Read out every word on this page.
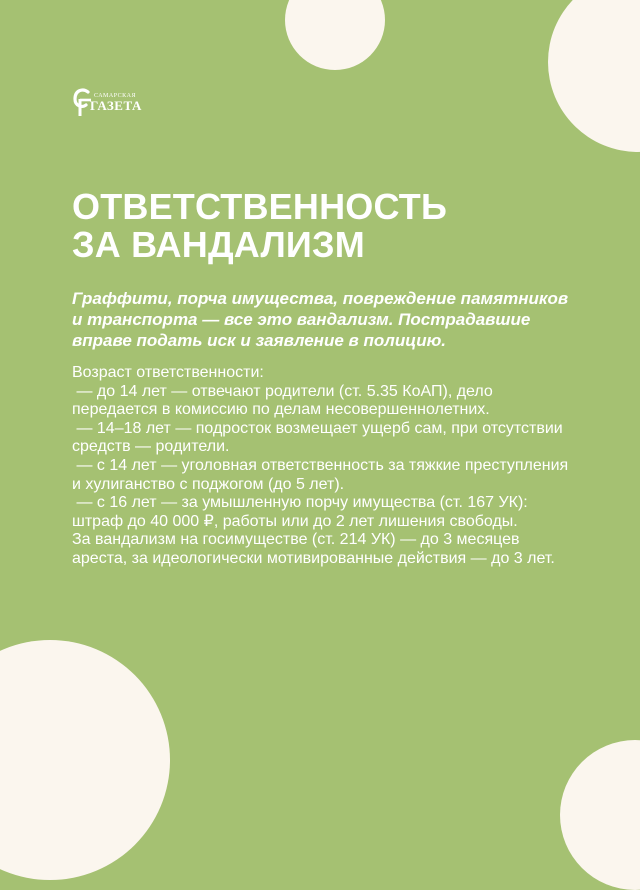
САМАРСКАЯ
ГАЗЕТА
ОТВЕТСТВЕННОСТЬ
ЗА ВАНДАЛИЗМ

Граффити, порча имущества, повреждение памятников и транспорта — все это вандализм. Пострадавшие вправе подать иск и заявление в полицию.

Возраст ответственности:
— до 14 лет — отвечают родители (ст. 5.35 КоАП), дело передается в комиссию по делам несовершеннолетних.
— 14–18 лет — подросток возмещает ущерб сам, при отсутствии средств — родители.
— с 14 лет — уголовная ответственность за тяжкие преступления и хулиганство с поджогом (до 5 лет).
— с 16 лет — за умышленную порчу имущества (ст. 167 УК): штраф до 40 000 ₽, работы или до 2 лет лишения свободы.
За вандализм на госимуществе (ст. 214 УК) — до 3 месяцев ареста, за идеологически мотивированные действия — до 3 лет.
